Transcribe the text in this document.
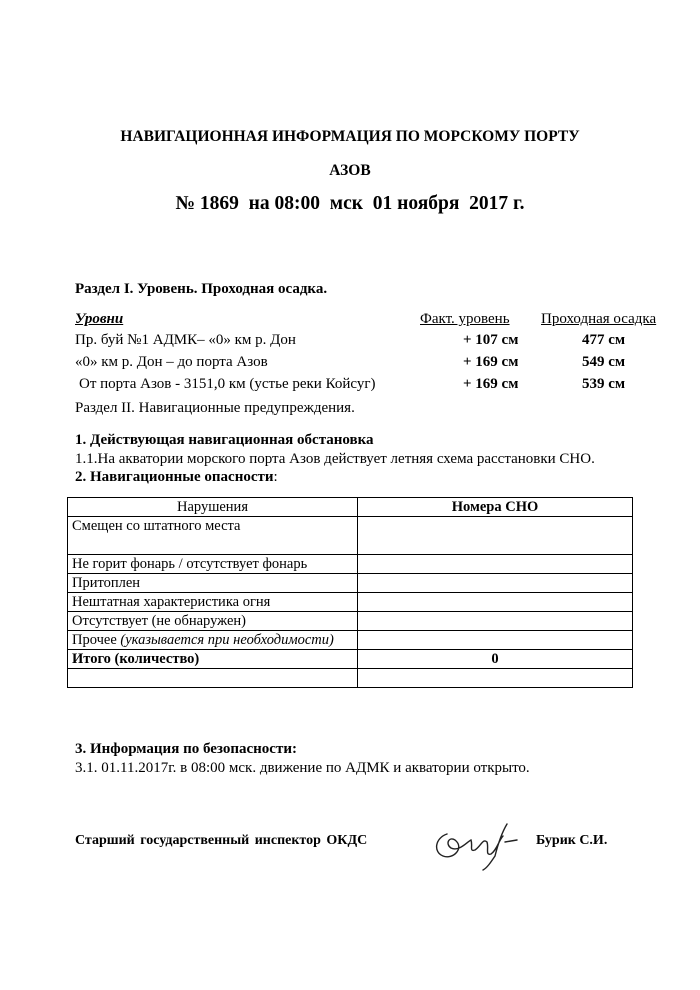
НАВИГАЦИОННАЯ ИНФОРМАЦИЯ ПО МОРСКОМУ ПОРТУ
АЗОВ
№ 1869 на 08:00 мск 01 ноября 2017 г.
Раздел I. Уровень. Проходная осадка.
Уровни	Факт. уровень Проходная осадка
Пр. буй №1 АДМК– «0» км р. Дон	+ 107 см	477 см
«0» км р. Дон – до порта Азов	+ 169 см	549 см
От порта Азов - 3151,0 км (устье реки Койсуг)	+ 169 см	539 см
Раздел II. Навигационные предупреждения.
1. Действующая навигационная обстановка
1.1.На акватории морского порта Азов действует летняя схема расстановки СНО.
2. Навигационные опасности:
Нарушения	Номера СНО
Смещен со штатного места	
Не горит фонарь / отсутствует фонарь	
Притоплен	
Нештатная характеристика огня	
Отсутствует (не обнаружен)	
Прочее (указывается при необходимости)	
Итого (количество)	0

3. Информация по безопасности:
3.1. 01.11.2017г. в 08:00 мск. движение по АДМК и акватории открыто.
Старший государственный инспектор ОКДС	Бурик С.И.
